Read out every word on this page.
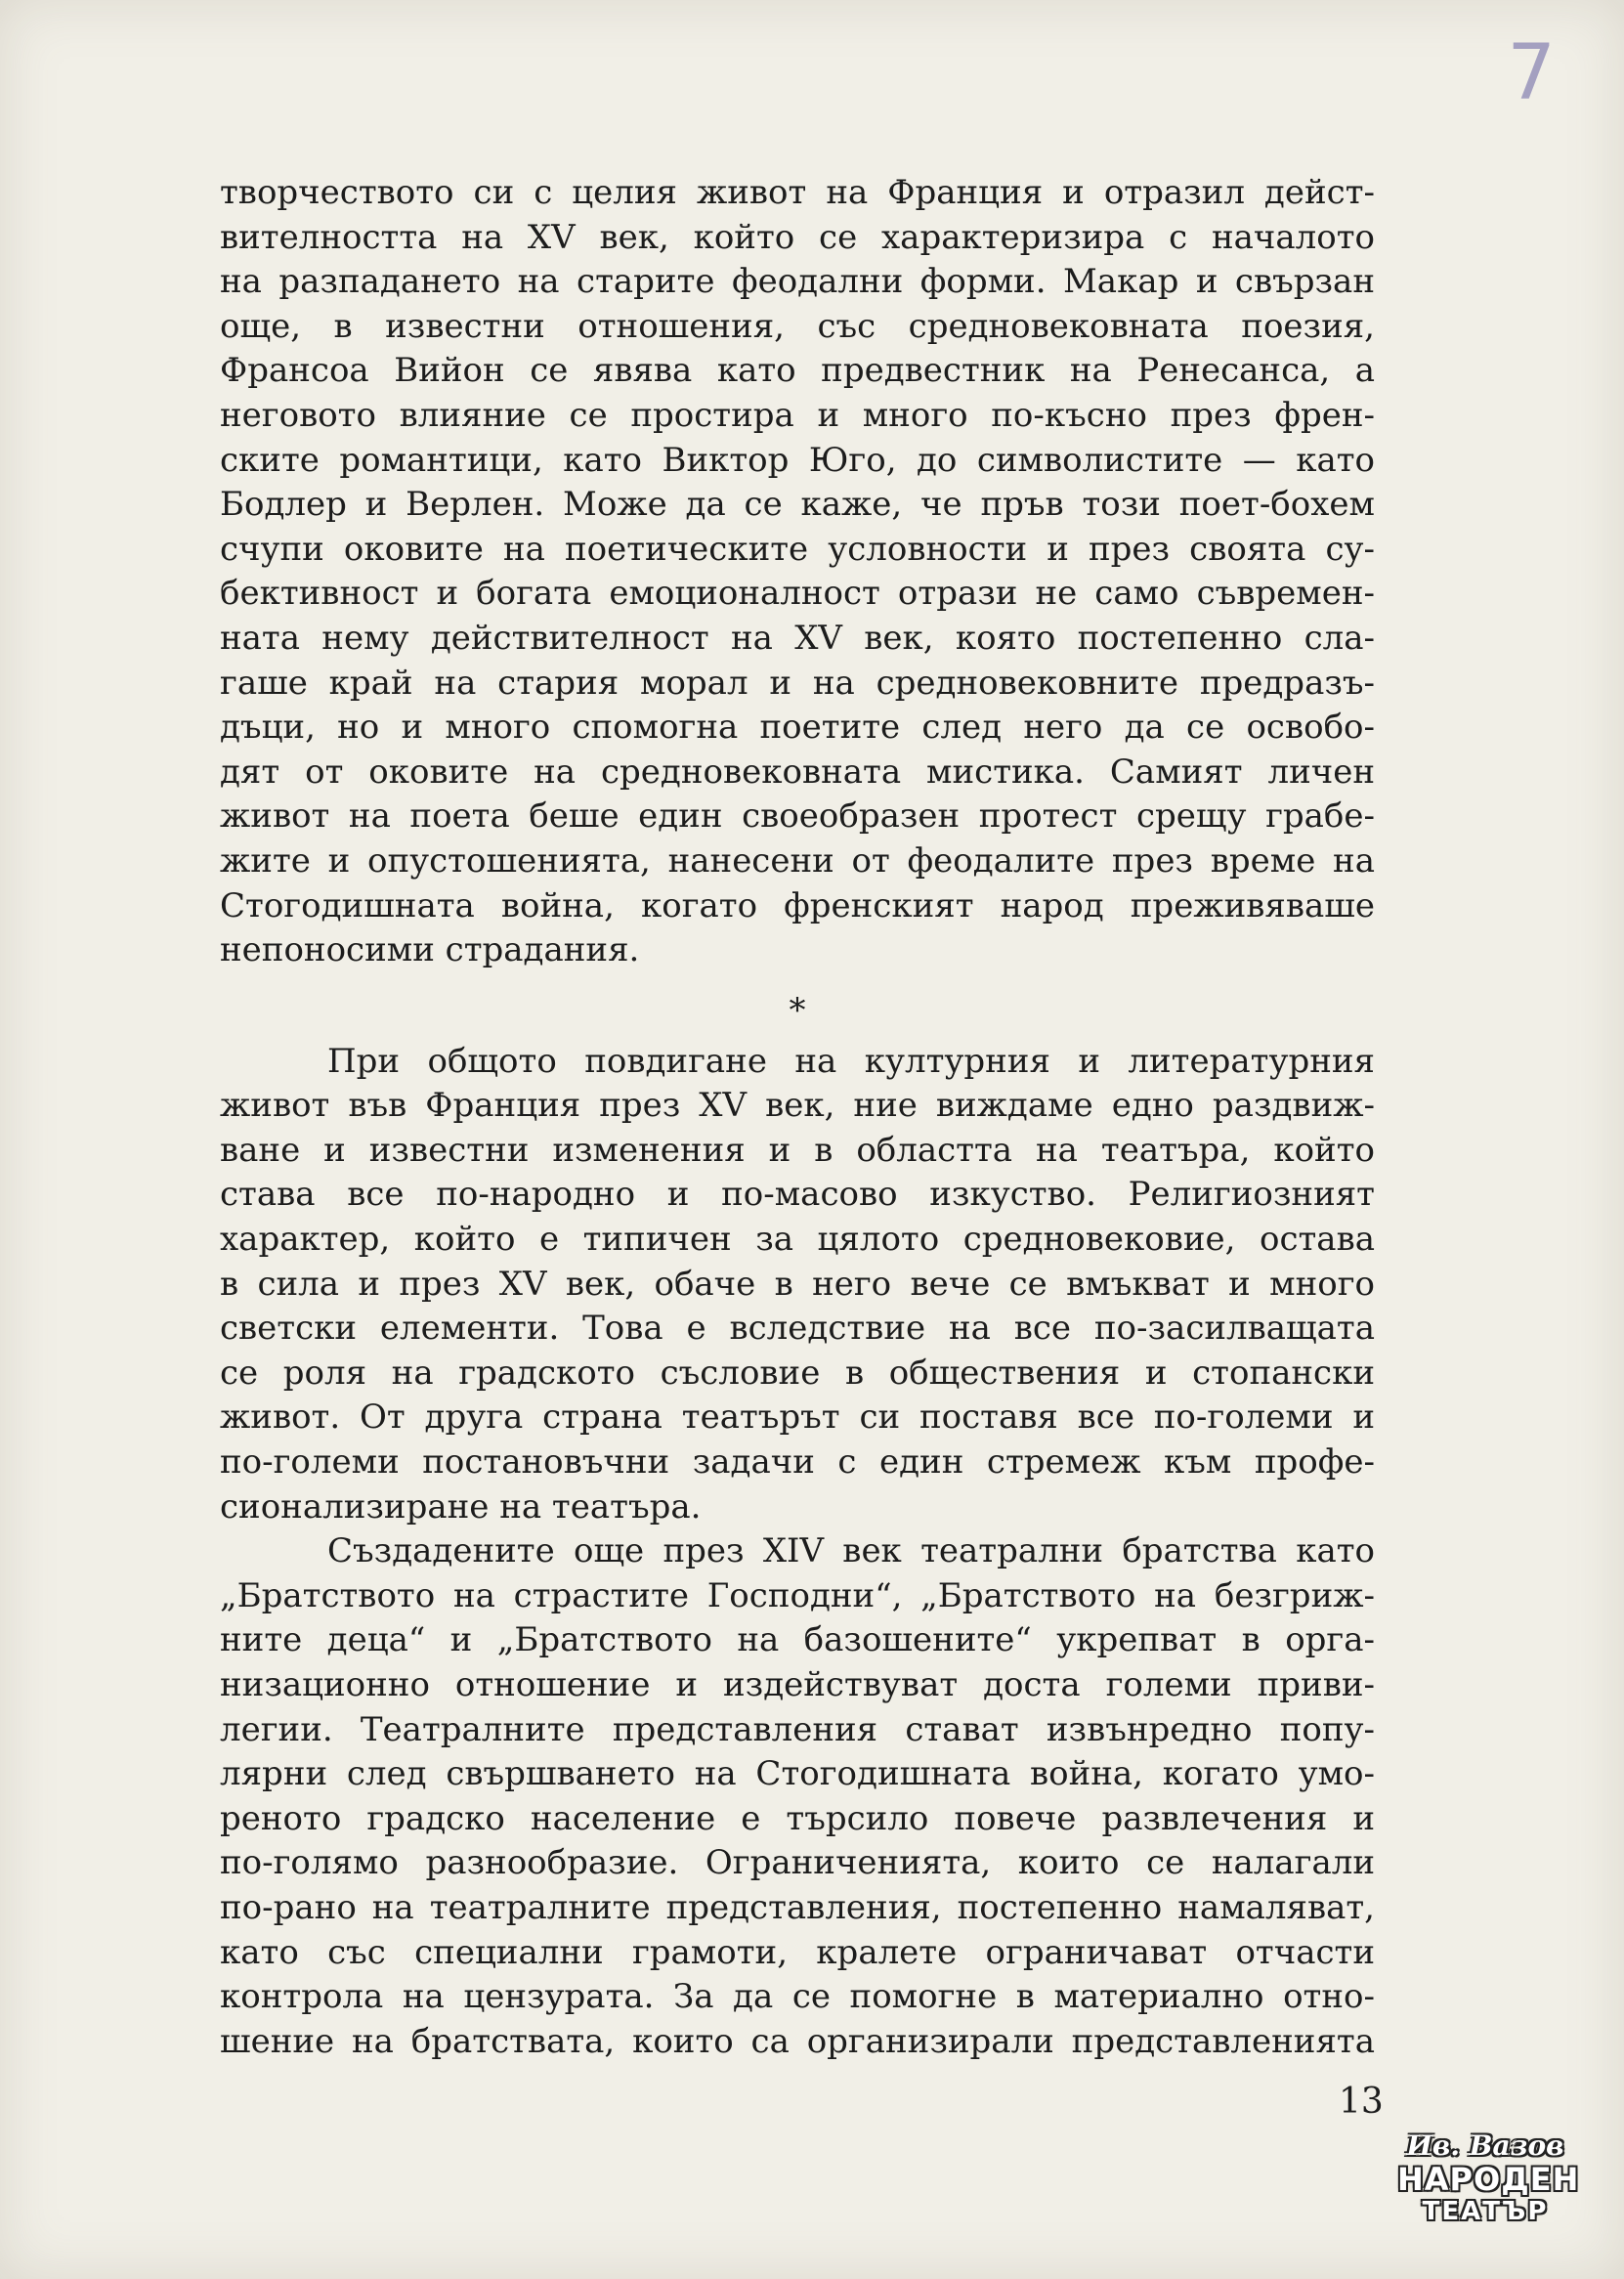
7
творчеството си с целия живот на Франция и отразил дейст-
вителността на XV век, който се характеризира с началото
на разпадането на старите феодални форми. Макар и свързан
още, в известни отношения, със средновековната поезия,
Франсоа Вийон се явява като предвестник на Ренесанса, а
неговото влияние се простира и много по-късно през френ-
ските романтици, като Виктор Юго, до символистите — като
Бодлер и Верлен. Може да се каже, че пръв този поет-бохем
счупи оковите на поетическите условности и през своята су-
бективност и богата емоционалност отрази не само съвремен-
ната нему действителност на XV век, която постепенно сла-
гаше край на стария морал и на средновековните предразъ-
дъци, но и много спомогна поетите след него да се освобо-
дят от оковите на средновековната мистика. Самият личен
живот на поета беше един своеобразен протест срещу грабе-
жите и опустошенията, нанесени от феодалите през време на
Стогодишната война, когато френският народ преживяваше
непоносими страдания.
*
При общото повдигане на културния и литературния
живот във Франция през XV век, ние виждаме едно раздвиж-
ване и известни изменения и в областта на театъра, който
става все по-народно и по-масово изкуство. Религиозният
характер, който е типичен за цялото средновековие, остава
в сила и през XV век, обаче в него вече се вмъкват и много
светски елементи. Това е вследствие на все по-засилващата
се роля на градското съсловие в обществения и стопански
живот. От друга страна театърът си поставя все по-големи и
по-големи постановъчни задачи с един стремеж към профе-
сионализиране на театъра.
Създадените още през XIV век театрални братства като
„Братството на страстите Господни“, „Братството на безгриж-
ните деца“ и „Братството на базошените“ укрепват в орга-
низационно отношение и издействуват доста големи приви-
легии. Театралните представления стават извънредно попу-
лярни след свършването на Стогодишната война, когато умо-
реното градско население е търсило повече развлечения и
по-голямо разнообразие. Ограниченията, които се налагали
по-рано на театралните представления, постепенно намаляват,
като със специални грамоти, кралете ограничават отчасти
контрола на цензурата. За да се помогне в материално отно-
шение на братствата, които са организирали представленията
13
Ив. Вазов
НАРОДЕН
ТЕАТЪР
